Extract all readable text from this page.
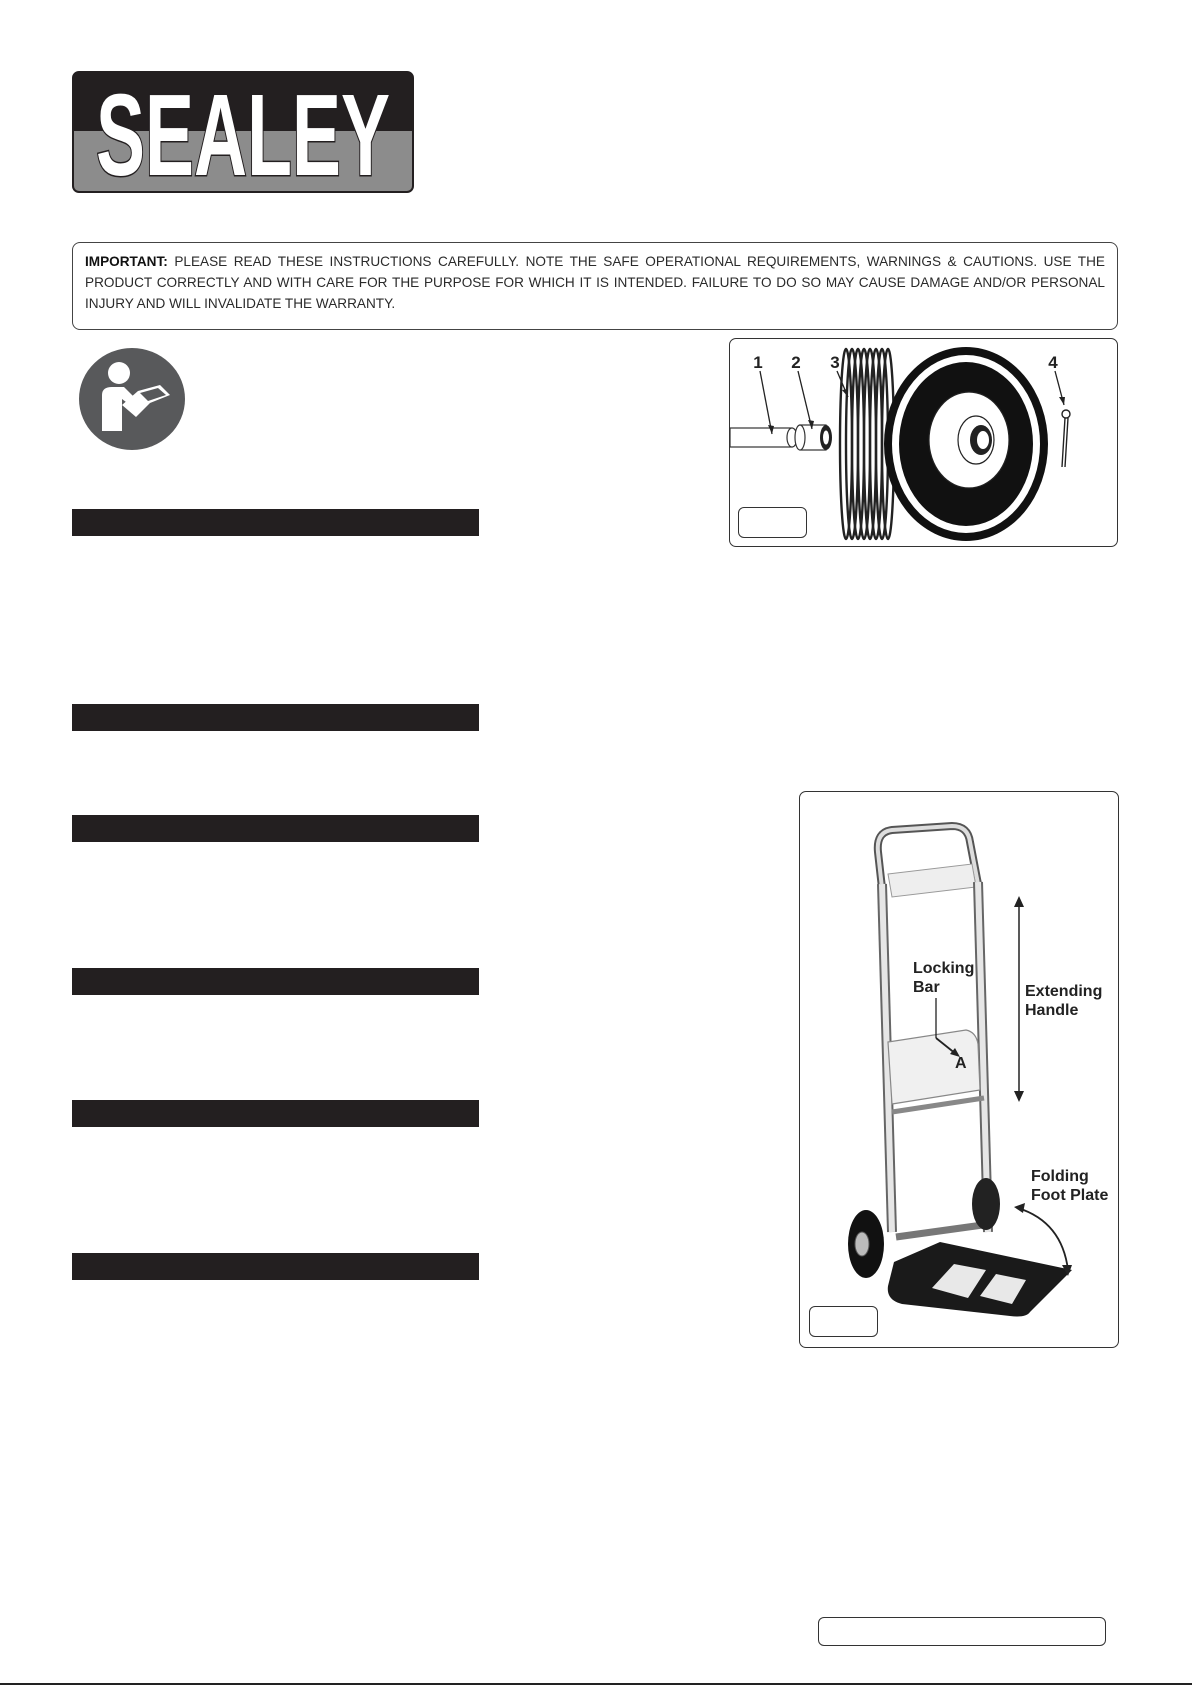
SEALEY
IMPORTANT: PLEASE READ THESE INSTRUCTIONS CAREFULLY. NOTE THE SAFE OPERATIONAL REQUIREMENTS, WARNINGS & CAUTIONS. USE THE PRODUCT CORRECTLY AND WITH CARE FOR THE PURPOSE FOR WHICH IT IS INTENDED. FAILURE TO DO SO MAY CAUSE DAMAGE AND/OR PERSONAL INJURY AND WILL INVALIDATE THE WARRANTY.
1 2 3	4
Locking
Bar
A
Extending
Handle
Folding
Foot Plate
